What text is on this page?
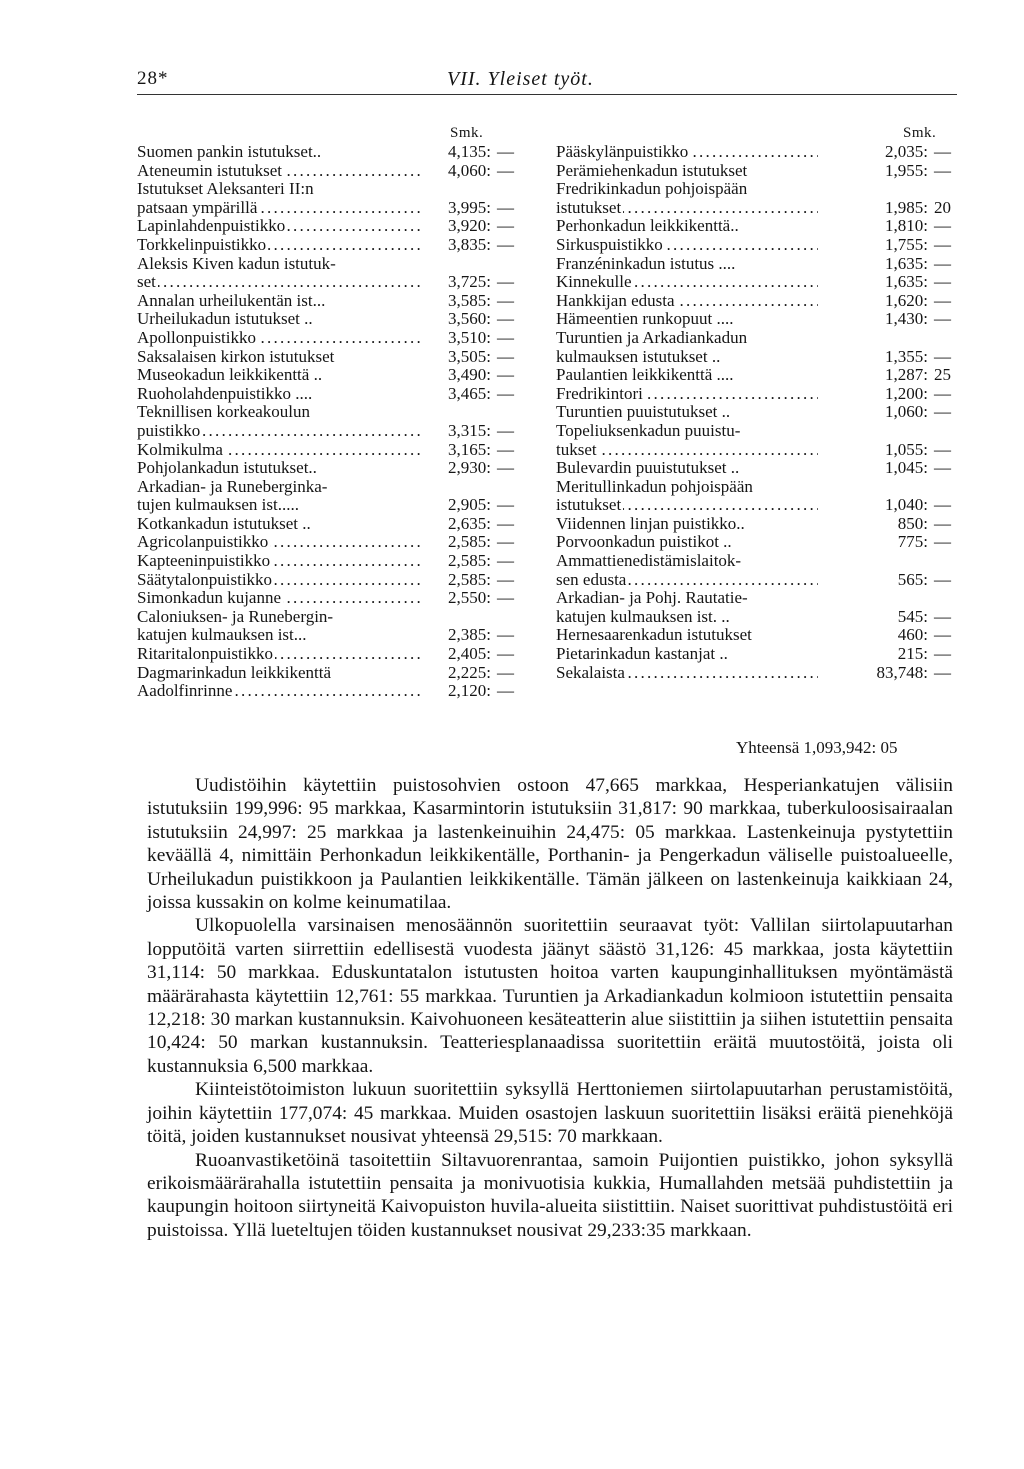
28*	VII. Yleiset työt.
Smk.
Suomen pankin istutukset..	4,135: —
Ateneumin istutukset . . .	4,060: —
Istutukset Aleksanteri II:n
patsaan ympärillä . . .	3,995: —
Lapinlahdenpuistikko . . .	3,920: —
Torkkelinpuistikko . . .	3,835: —
Aleksis Kiven kadun istutuk-
set . . .	3,725: —
Annalan urheilukentän ist...	3,585: —
Urheilukadun istutukset ..	3,560: —
Apollonpuistikko . . .	3,510: —
Saksalaisen kirkon istutukset	3,505: —
Museokadun leikkikenttä ..	3,490: —
Ruoholahdenpuistikko ....	3,465: —
Teknillisen korkeakoulun
puistikko . . .	3,315: —
Kolmikulma . . .	3,165: —
Pohjolankadun istutukset..	2,930: —
Arkadian- ja Runeberginka-
tujen kulmauksen ist.....	2,905: —
Kotkankadun istutukset ..	2,635: —
Agricolanpuistikko . . .	2,585: —
Kapteeninpuistikko . . .	2,585: —
Säätytalonpuistikko . . .	2,585: —
Simonkadun kujanne . . .	2,550: —
Caloniuksen- ja Runebergin-
katujen kulmauksen ist...	2,385: —
Ritaritalonpuistikko . . .	2,405: —
Dagmarinkadun leikkikenttä	2,225: —
Aadolfinrinne . . .	2,120: —
Smk.
Pääskylänpuistikko . . .	2,035: —
Perämiehenkadun istutukset	1,955: —
Fredrikinkadun pohjoispään
istutukset . . .	1,985: 20
Perhonkadun leikkikenttä..	1,810: —
Sirkuspuistikko . . .	1,755: —
Franzéninkadun istutus ....	1,635: —
Kinnekulle . . .	1,635: —
Hankkijan edusta . . .	1,620: —
Hämeentien runkopuut ....	1,430: —
Turuntien ja Arkadiankadun
kulmauksen istutukset ..	1,355: —
Paulantien leikkikenttä ....	1,287: 25
Fredrikintori . . .	1,200: —
Turuntien puuistutukset ..	1,060: —
Topeliuksenkadun puuistu-
tukset . . .	1,055: —
Bulevardin puuistutukset ..	1,045: —
Meritullinkadun pohjoispään
istutukset . . .	1,040: —
Viidennen linjan puistikko..	850: —
Porvoonkadun puistikot ..	775: —
Ammattienedistämislaitok-
sen edusta . . .	565: —
Arkadian- ja Pohj. Rautatie-
katujen kulmauksen ist. ..	545: —
Hernesaarenkadun istutukset	460: —
Pietarinkadun kastanjat ..	215: —
Sekalaista . . .	83,748: —
Yhteensä 1,093,942: 05

Uudistöihin käytettiin puistosohvien ostoon 47,665 markkaa, Hesperiankatujen välisiin istutuksiin 199,996: 95 markkaa, Kasarmintorin istutuksiin 31,817: 90 markkaa, tuberkuloosisairaalan istutuksiin 24,997: 25 markkaa ja lastenkeinuihin 24,475: 05 markkaa. Lastenkeinuja pystytettiin keväällä 4, nimittäin Perhonkadun leikkikentälle, Porthanin- ja Pengerkadun väliselle puistoalueelle, Urheilukadun puistikkoon ja Paulantien leikkikentälle. Tämän jälkeen on lastenkeinuja kaikkiaan 24, joissa kussakin on kolme keinumatilaa.

Ulkopuolella varsinaisen menosäännön suoritettiin seuraavat työt: Vallilan siirtolapuutarhan lopputöitä varten siirrettiin edellisestä vuodesta jäänyt säästö 31,126: 45 markkaa, josta käytettiin 31,114: 50 markkaa. Eduskuntatalon istutusten hoitoa varten kaupunginhallituksen myöntämästä määrärahasta käytettiin 12,761: 55 markkaa. Turuntien ja Arkadiankadun kolmioon istutettiin pensaita 12,218: 30 markan kustannuksin. Kaivohuoneen kesäteatterin alue siistittiin ja siihen istutettiin pensaita 10,424: 50 markan kustannuksin. Teatteriesplanaadissa suoritettiin eräitä muutostöitä, joista oli kustannuksia 6,500 markkaa.

Kiinteistötoimiston lukuun suoritettiin syksyllä Herttoniemen siirtolapuutarhan perustamistöitä, joihin käytettiin 177,074: 45 markkaa. Muiden osastojen laskuun suoritettiin lisäksi eräitä pienehköjä töitä, joiden kustannukset nousivat yhteensä 29,515: 70 markkaan.

Ruoanvastiketöinä tasoitettiin Siltavuorenrantaa, samoin Puijontien puistikko, johon syksyllä erikoismäärärahalla istutettiin pensaita ja monivuotisia kukkia, Humallahden metsää puhdistettiin ja kaupungin hoitoon siirtyneitä Kaivopuiston huvila-alueita siistittiin. Naiset suorittivat puhdistustöitä eri puistoissa. Yllä lueteltujen töiden kustannukset nousivat 29,233:35 markkaan.
